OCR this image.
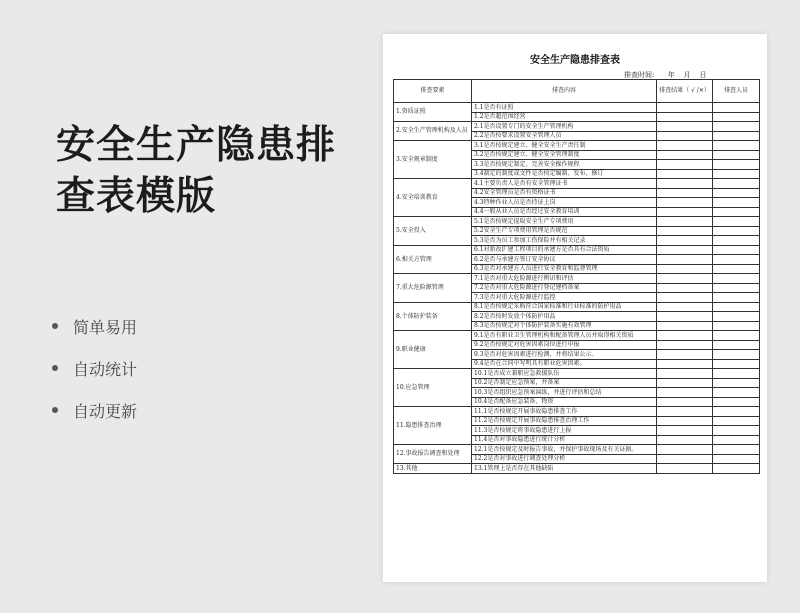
安全生产隐患排查表模版
简单易用
自动统计
自动更新
安全生产隐患排查表
排查时间:      年    月    日
排查要素	排查内容	排查结果（ √ /✕）	排查人员
1.资质证照	1.1是否有证照		
	1.2是否超范围经营		
2.安全生产管理机构及人员	2.1是否设置专门的安全生产管理机构		
	2.2是否按要求设置安全管理人员		
3.安全规章制度	3.1是否按规定建立、健全安全生产责任制		
	3.2是否按规定建立、健全安全管理制度		
	3.3是否按规定制定、完善安全操作规程		
	3.4制定的制度或文件是否按定编制、发布、修订		
4.安全培训教育	4.1主要负责人是否有安全管理证书		
	4.2安全管理员是否有资格证书		
	4.3特种作业人员是否持证上岗		
	4.4一般从业人员是否经过安全教育培训		
5.安全投入	5.1是否按规定提取安全生产专项费用		
	5.2安全生产专项费用管理是否规范		
	5.3是否为员工参加工伤保险并有相关记录		
6.相关方管理	6.1对新改扩建工程项目的承建方是否具有合法资质		
	6.2是否与承建方签订安全协议		
	6.3是否对承建方人员进行安全教育和监督管理		
7.重大危险源管理	7.1是否对重大危险源进行辨识和评估		
	7.2是否对重大危险源进行登记建档备案		
	7.3是否对重大危险源进行监控		
8.个体防护装备	8.1是否按规定采购符合国家标准和行业标准的防护用品		
	8.2是否按时发放个体防护用品		
	8.3是否按规定对个体防护装备实施有效管理		
9.职业健康	9.1是否有职业卫生管理机构和配备管理人员并取得相关资质		
	9.2是否按规定对危害因素岗位进行申报		
	9.3是否对危害因素进行检测，并将结果公示。		
	9.4是否在合同中写明具有职业危害因素。		
10.应急管理	10.1是否成立兼职应急救援队伍		
	10.2是否制定应急预案，并备案		
	10.3是否组织应急预案演练，并进行评估和总结		
	10.4是否配备应急装备、物资		
11.隐患排查治理	11.1是否按规定开展事故隐患排查工作		
	11.2是否按规定开展事故隐患排查治理工作		
	11.3是否按规定将事故隐患进行上报		
	11.4是否对事故隐患进行统计分析		
12.事故报告调查和处理	12.1是否按规定及时报告事故，并保护事故现场及有关证据。		
	12.2是否对事故进行调查处理分析		
13.其他	13.1管理上是否存在其他缺陷		
